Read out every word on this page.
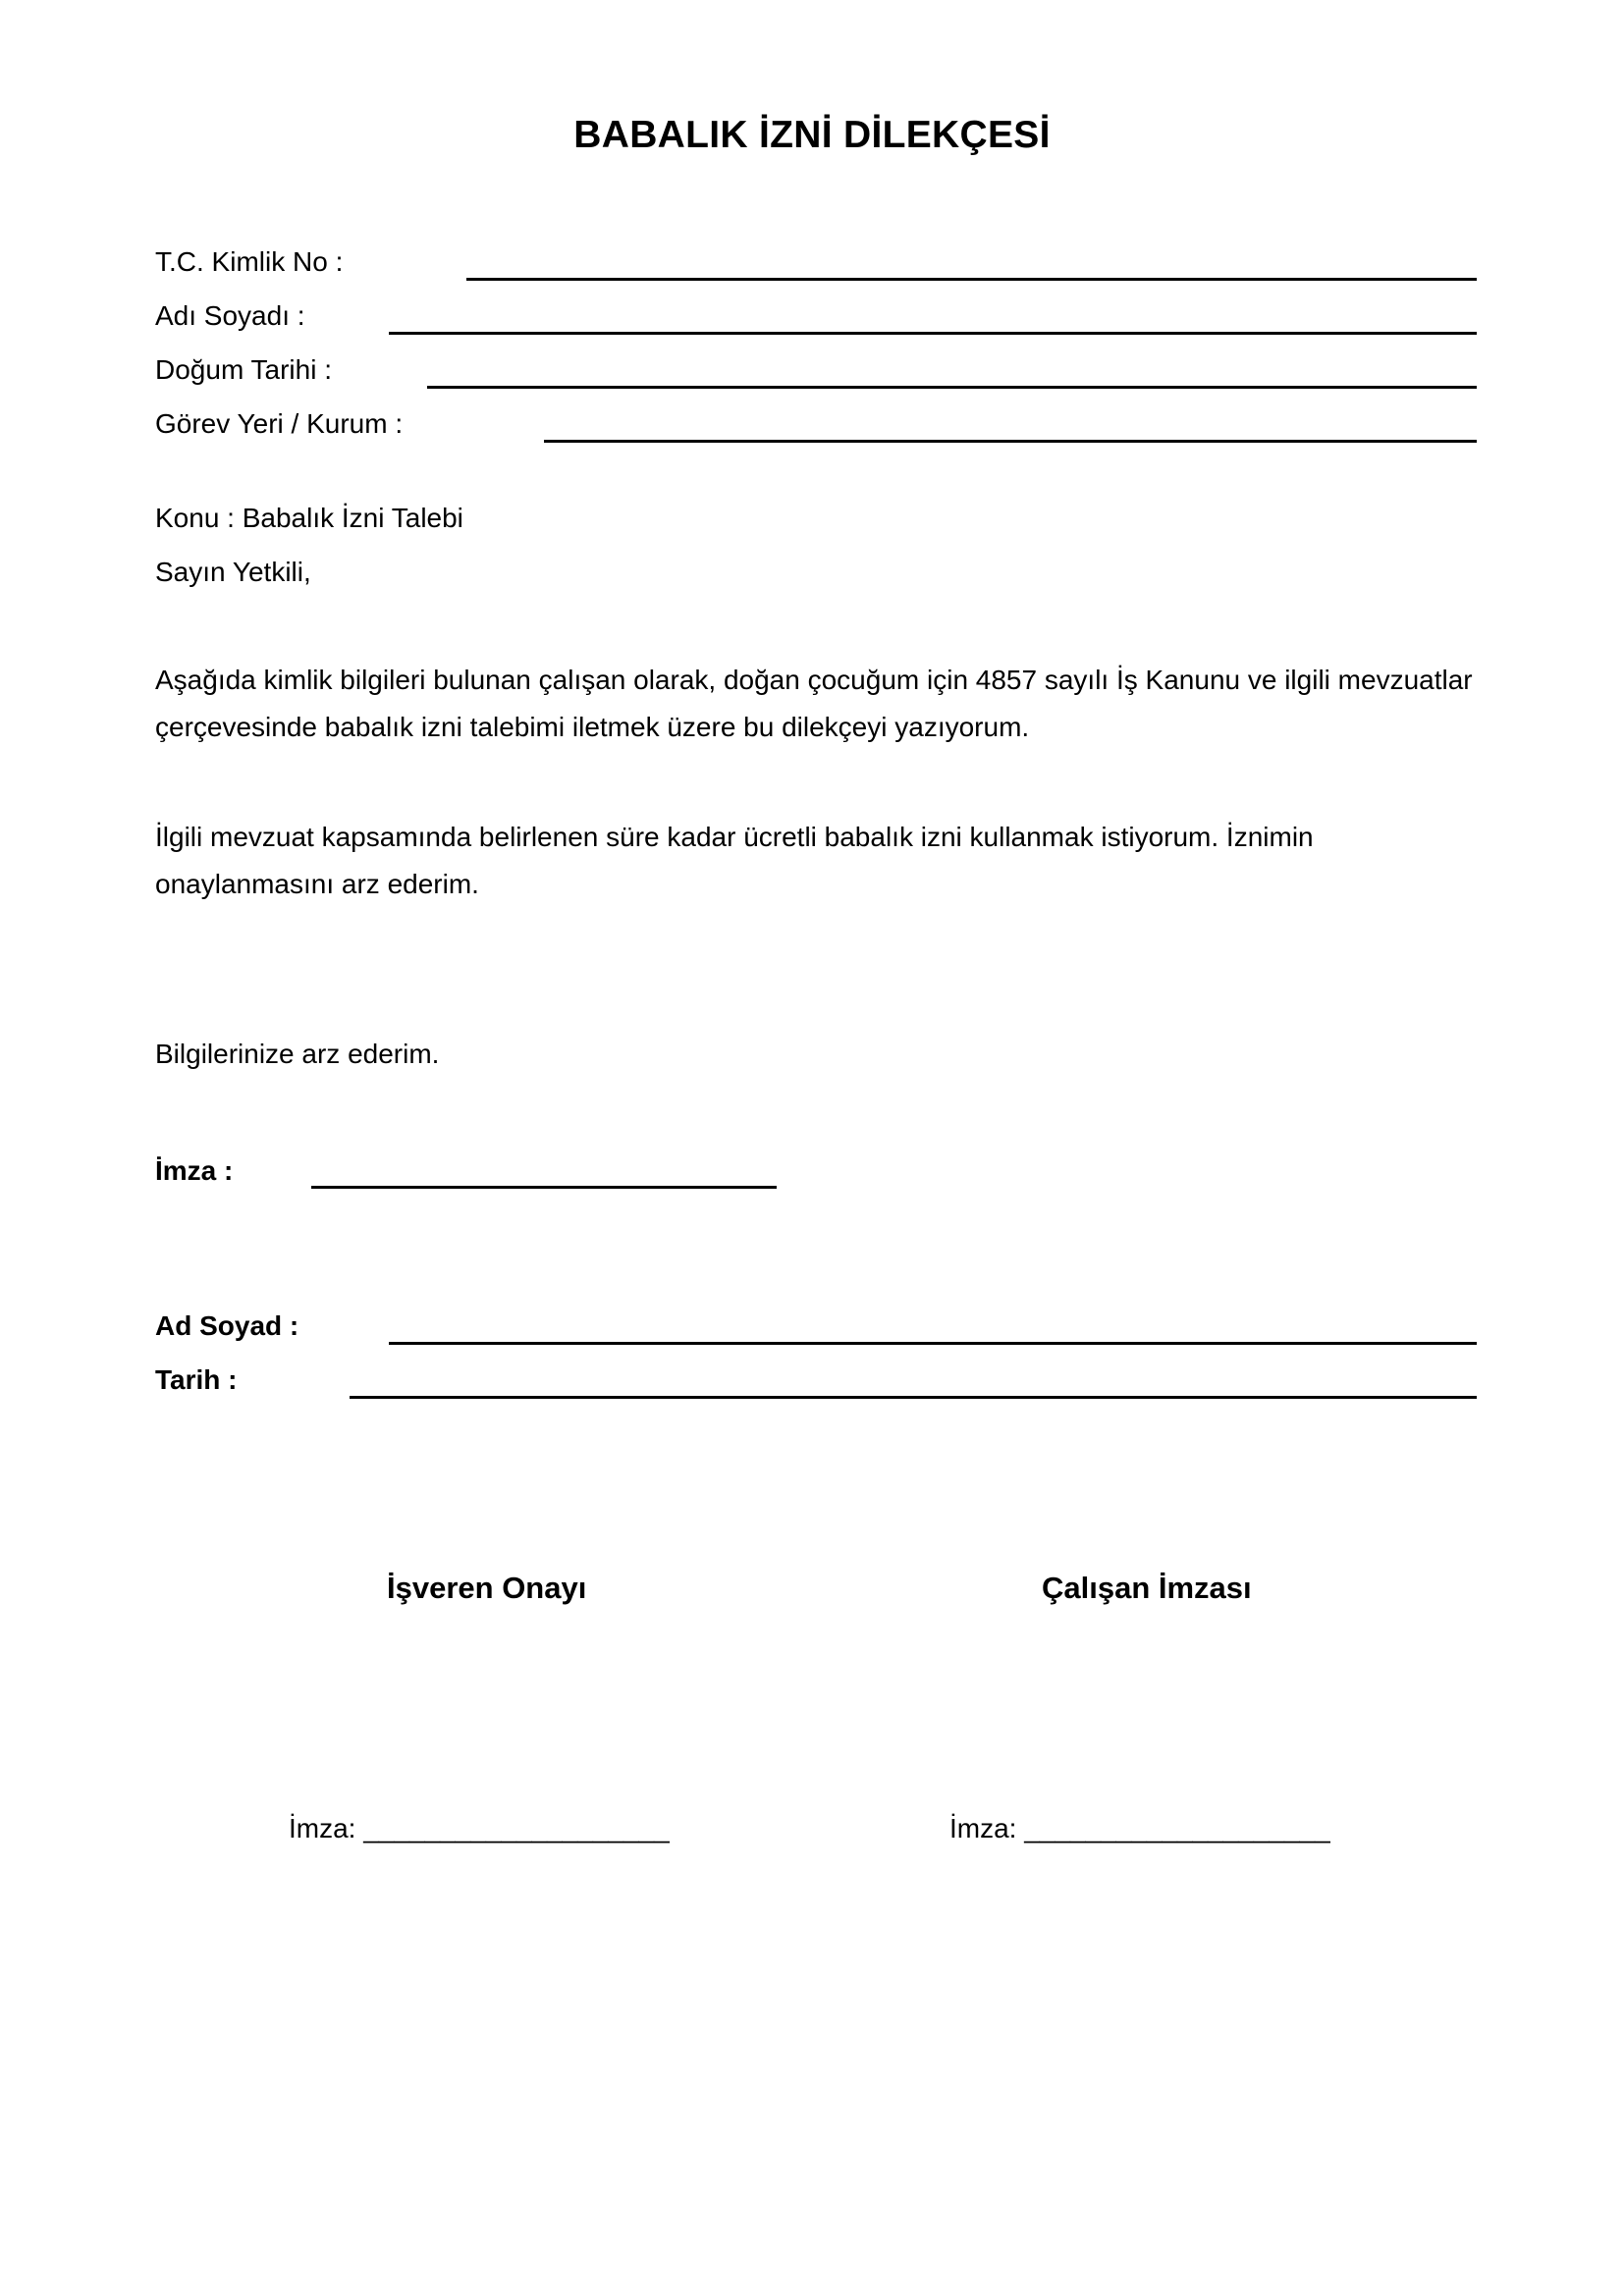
BABALIK İZNİ DİLEKÇESİ
T.C. Kimlik No :
Adı Soyadı :
Doğum Tarihi :
Görev Yeri / Kurum :
Konu : Babalık İzni Talebi
Sayın Yetkili,
Aşağıda kimlik bilgileri bulunan çalışan olarak, doğan çocuğum için 4857 sayılı İş Kanunu ve ilgili mevzuatlar çerçevesinde babalık izni talebimi iletmek üzere bu dilekçeyi yazıyorum.
İlgili mevzuat kapsamında belirlenen süre kadar ücretli babalık izni kullanmak istiyorum. İznimin onaylanmasını arz ederim.
Bilgilerinize arz ederim.
İmza :
Ad Soyad :
Tarih :
İşveren Onayı	Çalışan İmzası
İmza: ____________________	İmza: ____________________
